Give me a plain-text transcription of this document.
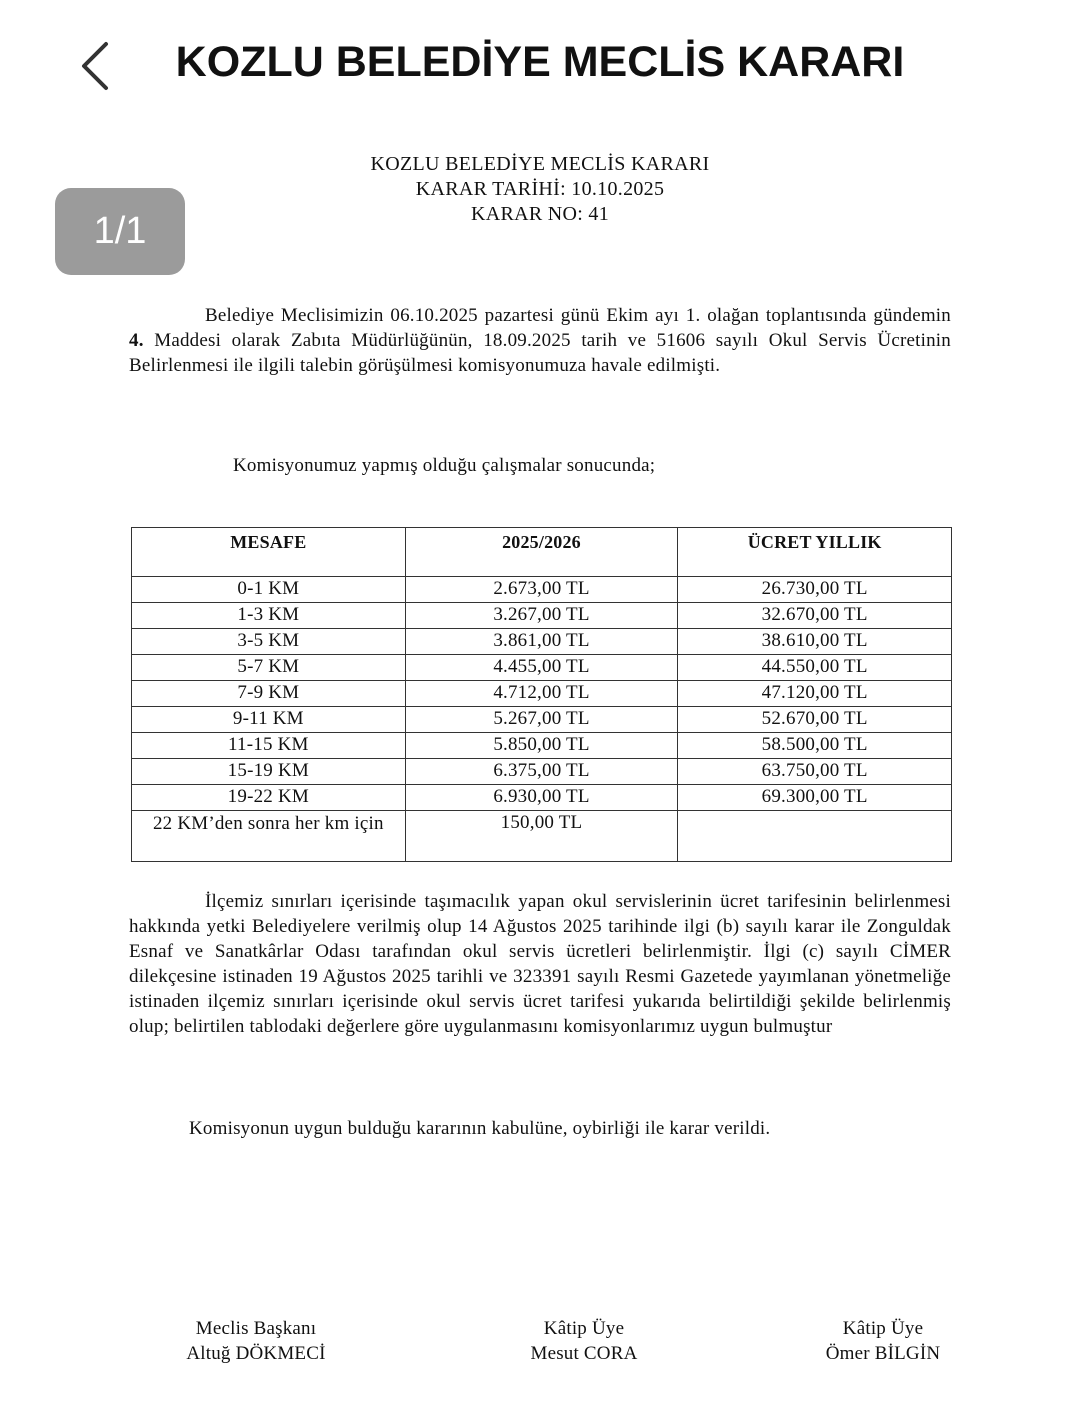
KOZLU BELEDİYE MECLİS KARARI
1/1
KOZLU BELEDİYE MECLİS KARARI
KARAR TARİHİ: 10.10.2025
KARAR NO: 41
Belediye Meclisimizin 06.10.2025 pazartesi günü Ekim ayı 1. olağan toplantısında gündemin 4. Maddesi olarak Zabıta Müdürlüğünün, 18.09.2025 tarih ve 51606 sayılı Okul Servis Ücretinin Belirlenmesi ile ilgili talebin görüşülmesi komisyonumuza havale edilmişti.
Komisyonumuz yapmış olduğu çalışmalar sonucunda;
MESAFE	2025/2026	ÜCRET YILLIK
0-1 KM	2.673,00 TL	26.730,00 TL
1-3 KM	3.267,00 TL	32.670,00 TL
3-5 KM	3.861,00 TL	38.610,00 TL
5-7 KM	4.455,00 TL	44.550,00 TL
7-9 KM	4.712,00 TL	47.120,00 TL
9-11 KM	5.267,00 TL	52.670,00 TL
11-15 KM	5.850,00 TL	58.500,00 TL
15-19 KM	6.375,00 TL	63.750,00 TL
19-22 KM	6.930,00 TL	69.300,00 TL
22 KM’den sonra her km için	150,00 TL	
İlçemiz sınırları içerisinde taşımacılık yapan okul servislerinin ücret tarifesinin belirlenmesi hakkında yetki Belediyelere verilmiş olup 14 Ağustos 2025 tarihinde ilgi (b) sayılı karar ile Zonguldak Esnaf ve Sanatkârlar Odası tarafından okul servis ücretleri belirlenmiştir. İlgi (c) sayılı CİMER dilekçesine istinaden 19 Ağustos 2025 tarihli ve 323391 sayılı Resmi Gazetede yayımlanan yönetmeliğe istinaden ilçemiz sınırları içerisinde okul servis ücret tarifesi yukarıda belirtildiği şekilde belirlenmiş olup; belirtilen tablodaki değerlere göre uygulanmasını komisyonlarımız uygun bulmuştur
Komisyonun uygun bulduğu kararının kabulüne, oybirliği ile karar verildi.
Meclis Başkanı
Altuğ DÖKMECİ
Kâtip Üye
Mesut CORA
Kâtip Üye
Ömer BİLGİN
